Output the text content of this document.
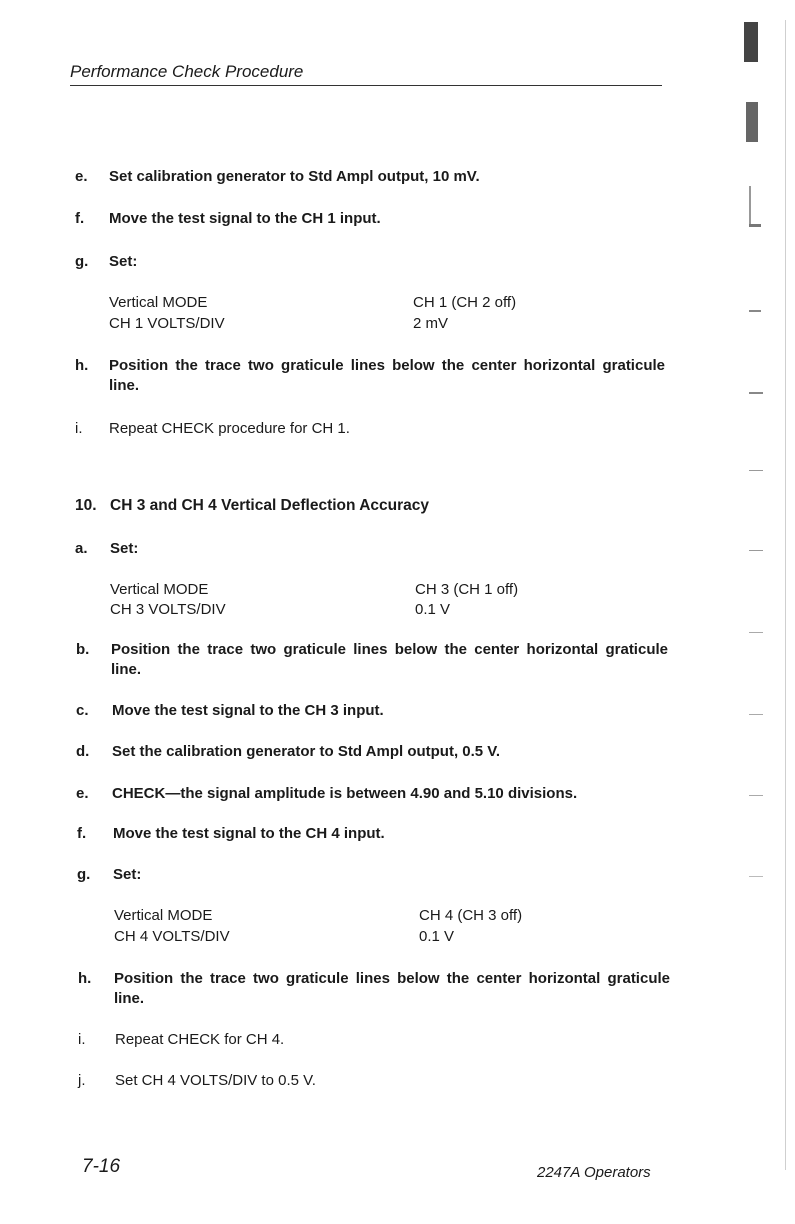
Performance Check Procedure
e. Set calibration generator to Std Ampl output, 10 mV.
f. Move the test signal to the CH 1 input.
g. Set:
Vertical MODE	CH 1 (CH 2 off)
CH 1 VOLTS/DIV	2 mV
h. Position the trace two graticule lines below the center horizontal graticule line.
i. Repeat CHECK procedure for CH 1.
10. CH 3 and CH 4 Vertical Deflection Accuracy
a. Set:
Vertical MODE	CH 3 (CH 1 off)
CH 3 VOLTS/DIV	0.1 V
b. Position the trace two graticule lines below the center horizontal graticule line.
c. Move the test signal to the CH 3 input.
d. Set the calibration generator to Std Ampl output, 0.5 V.
e. CHECK—the signal amplitude is between 4.90 and 5.10 divisions.
f. Move the test signal to the CH 4 input.
g. Set:
Vertical MODE	CH 4 (CH 3 off)
CH 4 VOLTS/DIV	0.1 V
h. Position the trace two graticule lines below the center horizontal graticule line.
i. Repeat CHECK for CH 4.
j. Set CH 4 VOLTS/DIV to 0.5 V.
7-16	2247A Operators
